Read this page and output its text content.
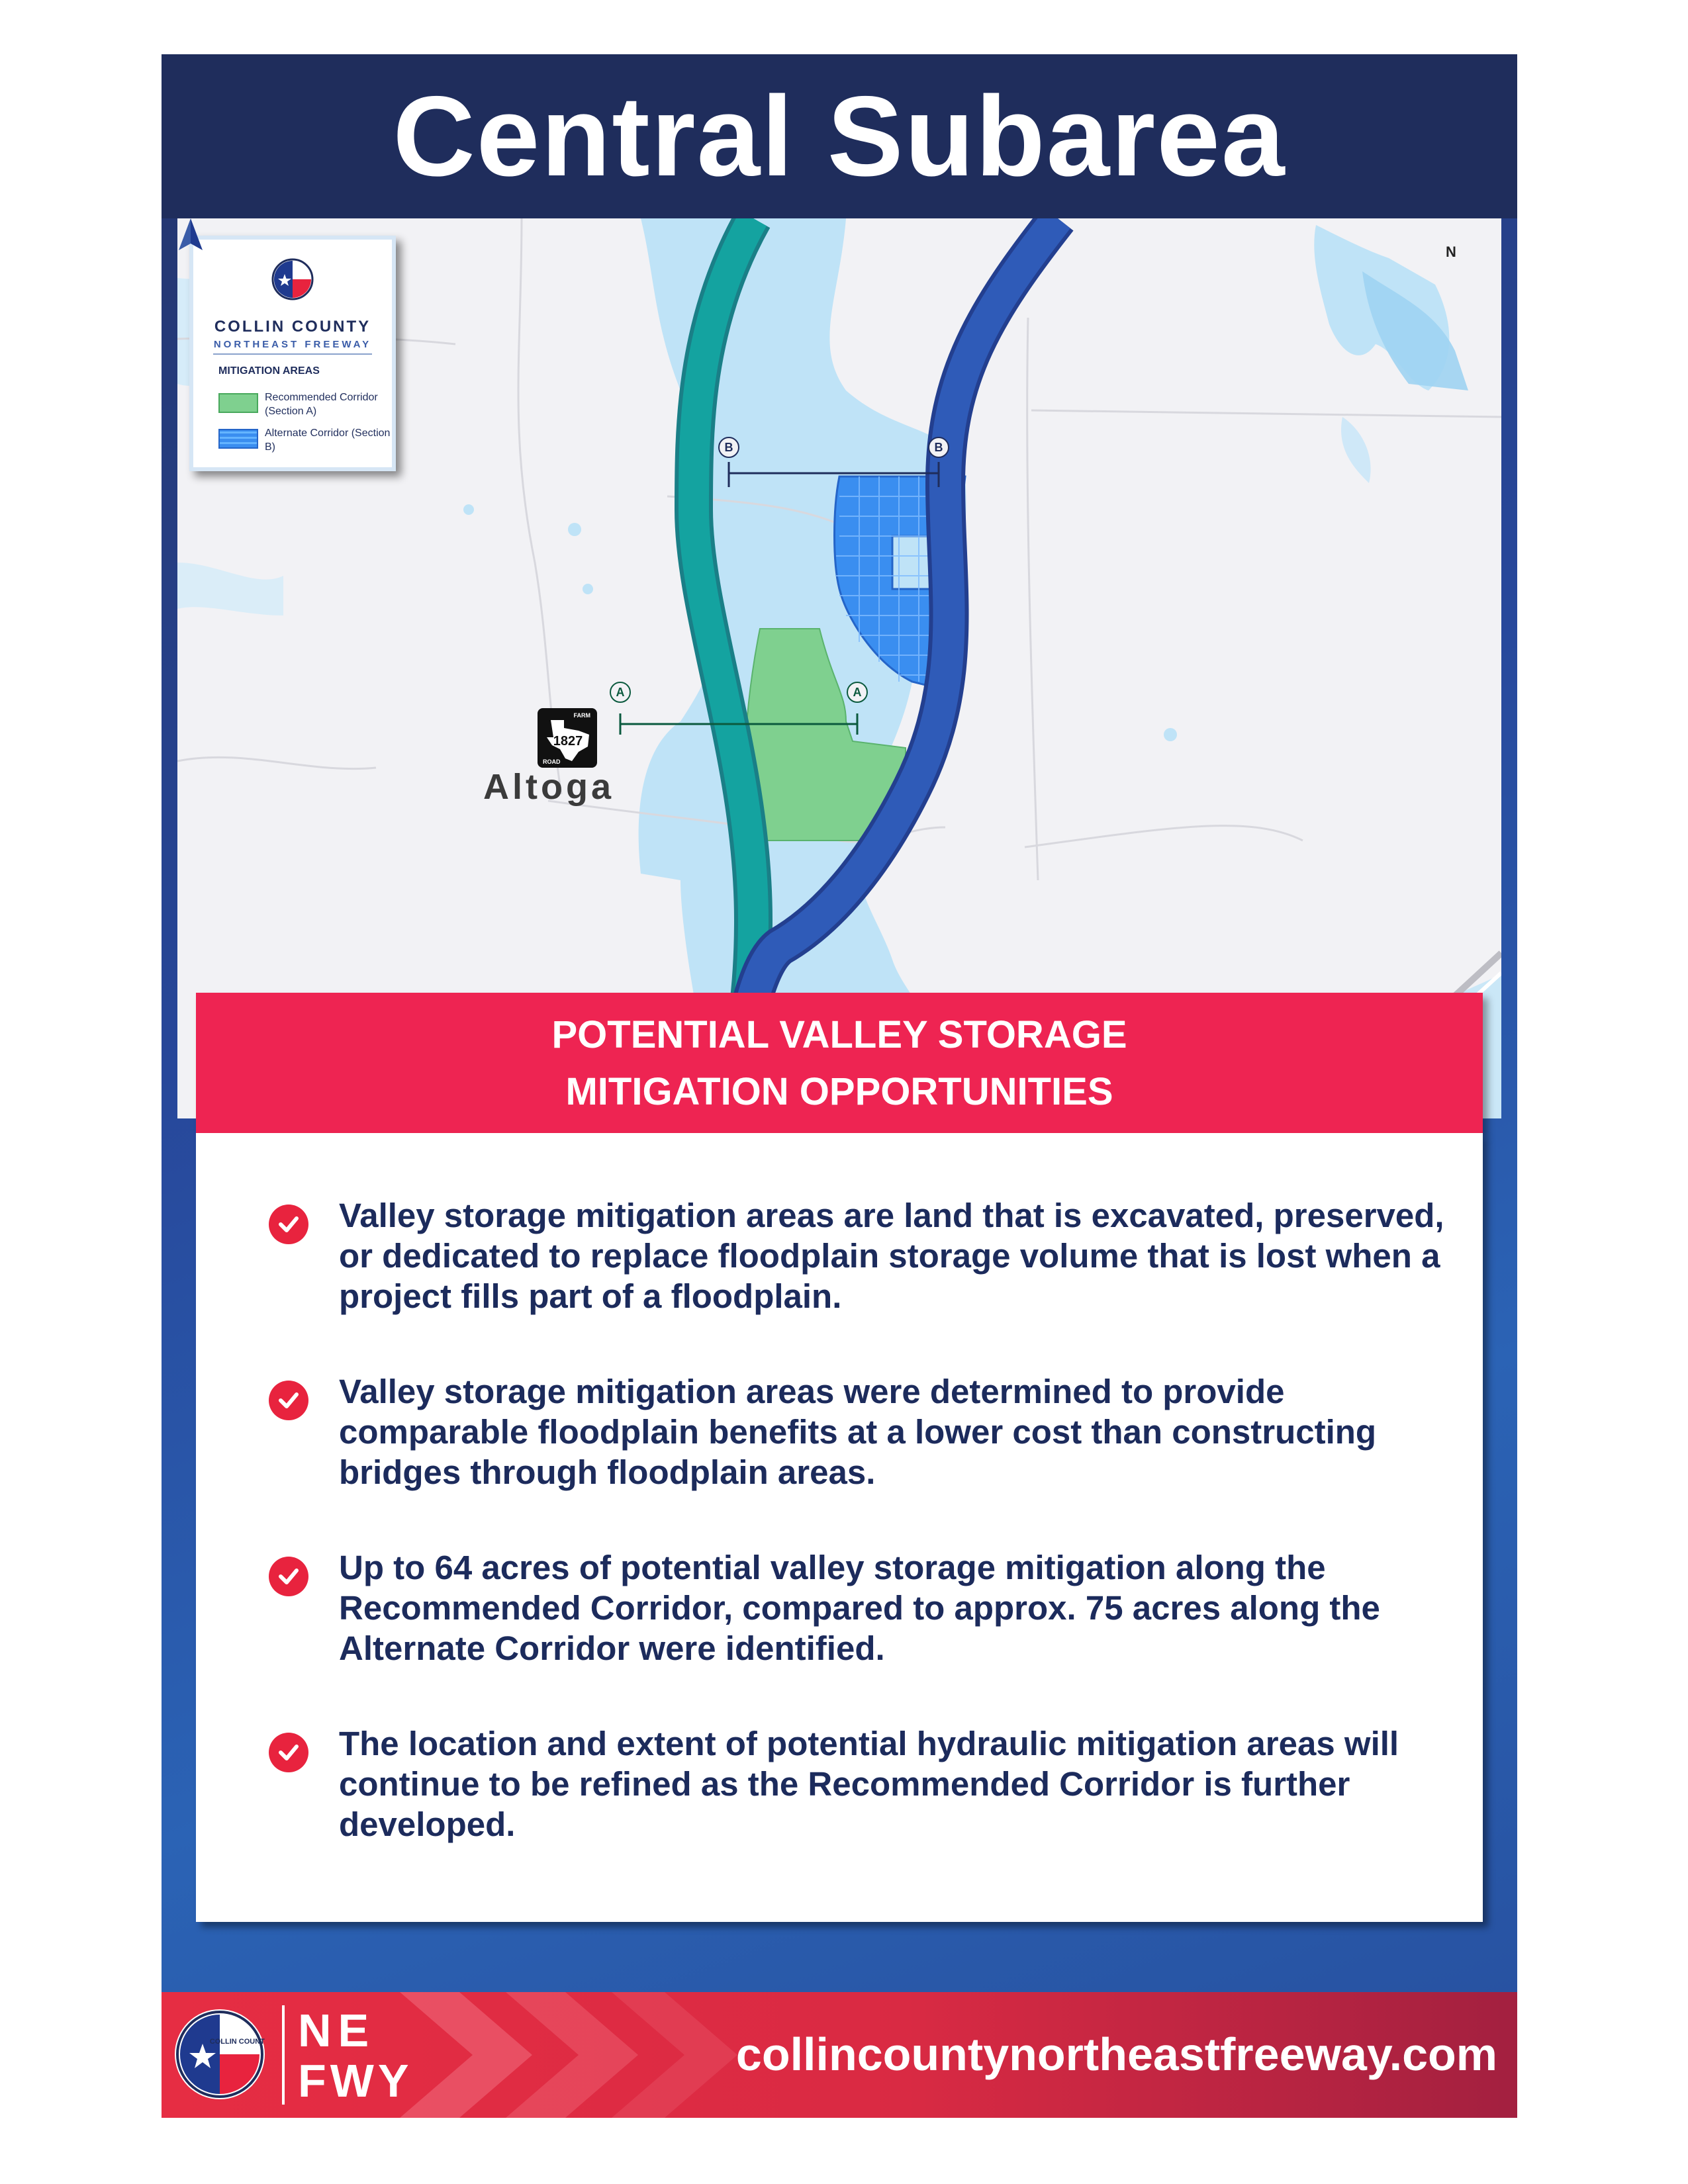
Central Subarea
B	B
A	A
COLLIN COUNTY
NORTHEAST FREEWAY
MITIGATION AREAS
Recommended Corridor (Section A)
Alternate Corridor (Section B)
N
FARM
1827
ROAD
Altoga
POTENTIAL VALLEY STORAGE
MITIGATION OPPORTUNITIES
Valley storage mitigation areas are land that is excavated, preserved, or dedicated to replace floodplain storage volume that is lost when a project fills part of a floodplain.
Valley storage mitigation areas were determined to provide comparable floodplain benefits at a lower cost than constructing bridges through floodplain areas.
Up to 64 acres of potential valley storage mitigation along the Recommended Corridor, compared to approx. 75 acres along the Alternate Corridor were identified.
The location and extent of potential hydraulic mitigation areas will continue to be refined as the Recommended Corridor is further developed.
COLLIN COUNTY NE
FWY
collincountynortheastfreeway.com
